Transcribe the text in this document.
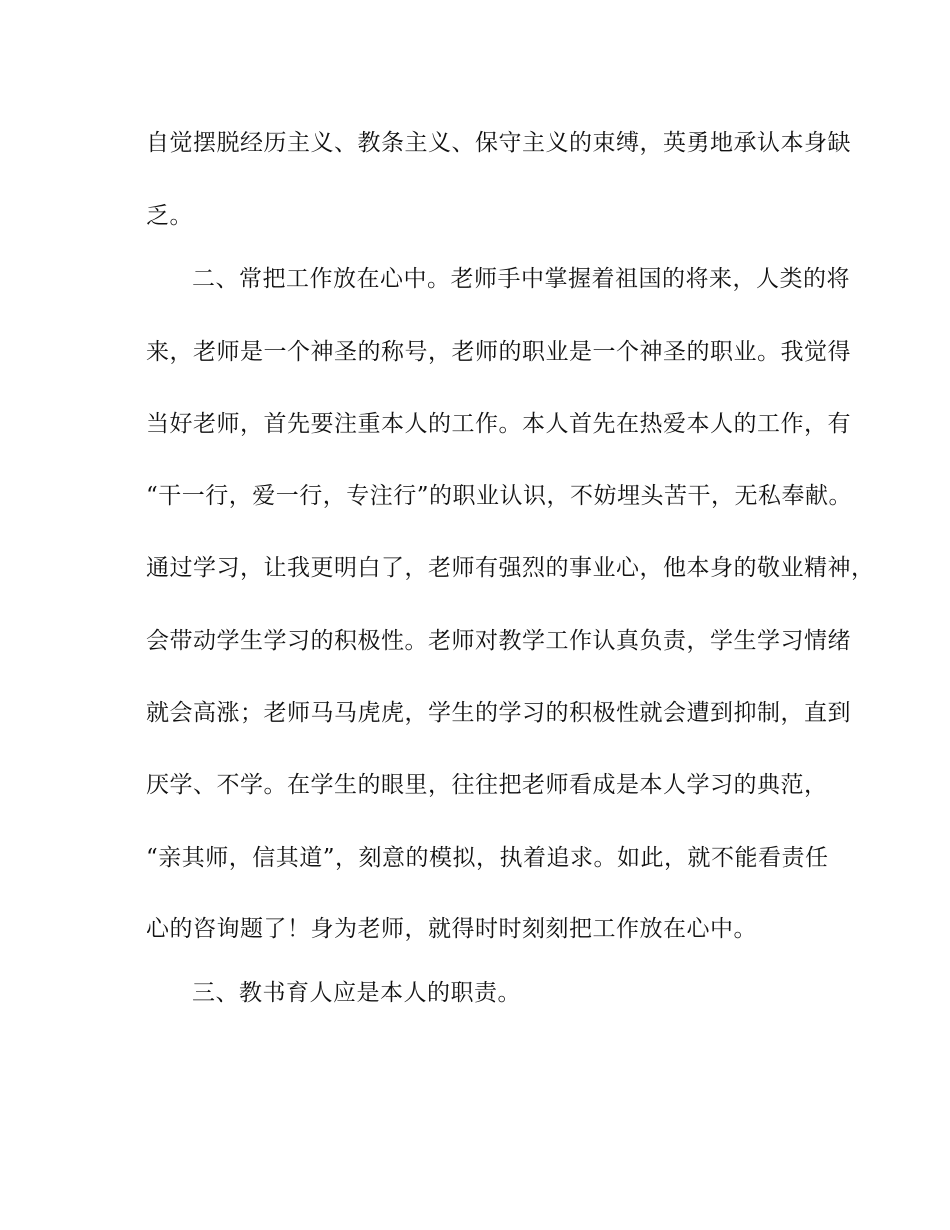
自觉摆脱经历主义、教条主义、保守主义的束缚，英勇地承认本身缺
乏。
二、常把工作放在心中。老师手中掌握着祖国的将来，人类的将
来，老师是一个神圣的称号，老师的职业是一个神圣的职业。我觉得
当好老师，首先要注重本人的工作。本人首先在热爱本人的工作，有
“干一行，爱一行，专注行”的职业认识，不妨埋头苦干，无私奉献。
通过学习，让我更明白了，老师有强烈的事业心，他本身的敬业精神，
会带动学生学习的积极性。老师对教学工作认真负责，学生学习情绪
就会高涨；老师马马虎虎，学生的学习的积极性就会遭到抑制，直到
厌学、不学。在学生的眼里，往往把老师看成是本人学习的典范，
“亲其师，信其道”，刻意的模拟，执着追求。如此，就不能看责任
心的咨询题了！身为老师，就得时时刻刻把工作放在心中。
三、教书育人应是本人的职责。
